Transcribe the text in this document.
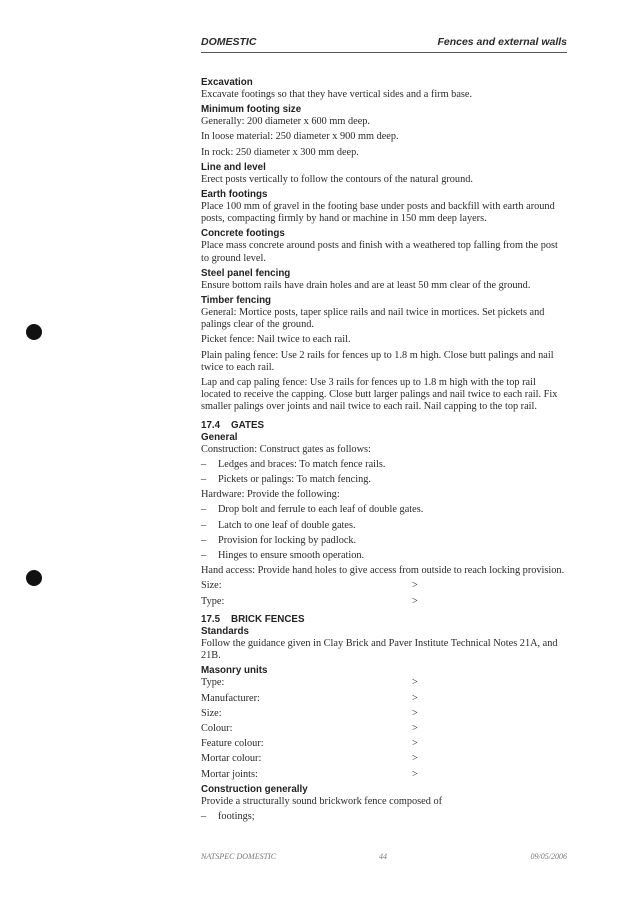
DOMESTIC	Fences and external walls
Excavation

Excavate footings so that they have vertical sides and a firm base.

Minimum footing size

Generally: 200 diameter x 600 mm deep.

In loose material: 250 diameter x 900 mm deep.

In rock: 250 diameter x 300 mm deep.

Line and level

Erect posts vertically to follow the contours of the natural ground.

Earth footings

Place 100 mm of gravel in the footing base under posts and backfill with earth around posts, compacting firmly by hand or machine in 150 mm deep layers.

Concrete footings

Place mass concrete around posts and finish with a weathered top falling from the post to ground level.

Steel panel fencing

Ensure bottom rails have drain holes and are at least 50 mm clear of the ground.

Timber fencing

General: Mortice posts, taper splice rails and nail twice in mortices. Set pickets and palings clear of the ground.

Picket fence: Nail twice to each rail.

Plain paling fence: Use 2 rails for fences up to 1.8 m high. Close butt palings and nail twice to each rail.

Lap and cap paling fence: Use 3 rails for fences up to 1.8 m high with the top rail located to receive the capping. Close butt larger palings and nail twice to each rail. Fix smaller palings over joints and nail twice to each rail. Nail capping to the top rail.

17.4 GATES
General

Construction: Construct gates as follows:

–	Ledges and braces: To match fence rails.
–	Pickets or palings: To match fencing.

Hardware: Provide the following:

–	Drop bolt and ferrule to each leaf of double gates.
–	Latch to one leaf of double gates.
–	Provision for locking by padlock.
–	Hinges to ensure smooth operation.

Hand access: Provide hand holes to give access from outside to reach locking provision.

Size:	>
Type:	>
17.5 BRICK FENCES
Standards

Follow the guidance given in Clay Brick and Paver Institute Technical Notes 21A, and 21B.

Masonry units
Type:	>
Manufacturer:	>
Size:	>
Colour:	>
Feature colour:	>
Mortar colour:	>
Mortar joints:	>
Construction generally

Provide a structurally sound brickwork fence composed of

–	footings;
NATSPEC DOMESTIC	44	09/05/2006
